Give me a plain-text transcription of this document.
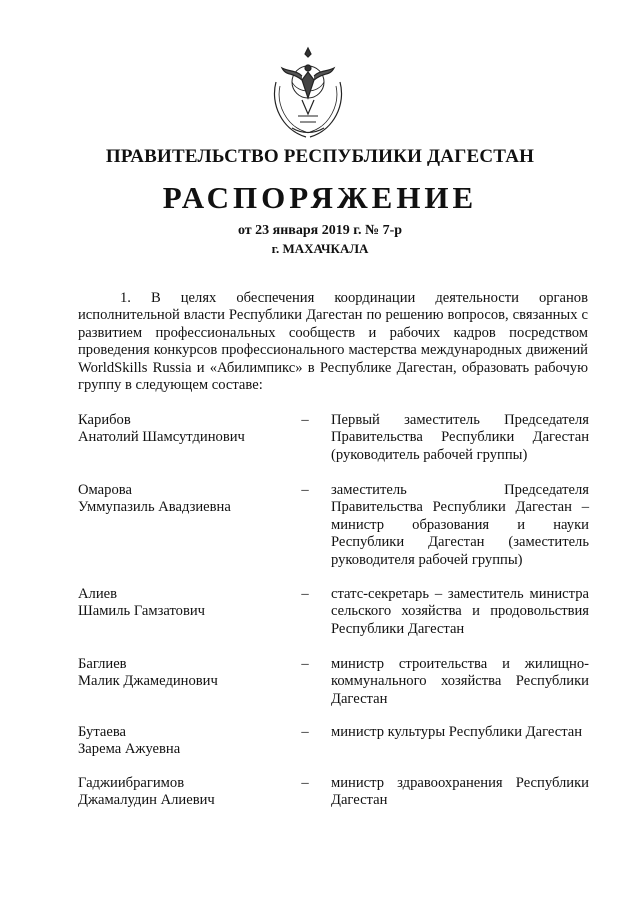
ПРАВИТЕЛЬСТВО РЕСПУБЛИКИ ДАГЕСТАН
РАСПОРЯЖЕНИЕ
от 23 января 2019 г. № 7-р
г. МАХАЧКАЛА
1. В целях обеспечения координации деятельности органов исполнительной власти Республики Дагестан по решению вопросов, связанных с развитием профессиональных сообществ и рабочих кадров посредством проведения конкурсов профессионального мастерства международных движений WorldSkills Russia и «Абилимпикс» в Республике Дагестан, образовать рабочую группу в следующем составе:
Карибов
Анатолий Шамсутдинович
– Первый заместитель Председателя Правительства Республики Дагестан (руководитель рабочей группы)
Омарова
Уммупазиль Авадзиевна
– заместитель Председателя Правительства Республики Дагестан – министр образования и науки Республики Дагестан (заместитель руководителя рабочей группы)
Алиев
Шамиль Гамзатович
– статс-секретарь – заместитель министра сельского хозяйства и продовольствия Республики Дагестан
Баглиев
Малик Джамединович
– министр строительства и жилищно-коммунального хозяйства Республики Дагестан
Бутаева
Зарема Ажуевна
– министр культуры Республики Дагестан
Гаджиибрагимов
Джамалудин Алиевич
– министр здравоохранения Республики Дагестан
